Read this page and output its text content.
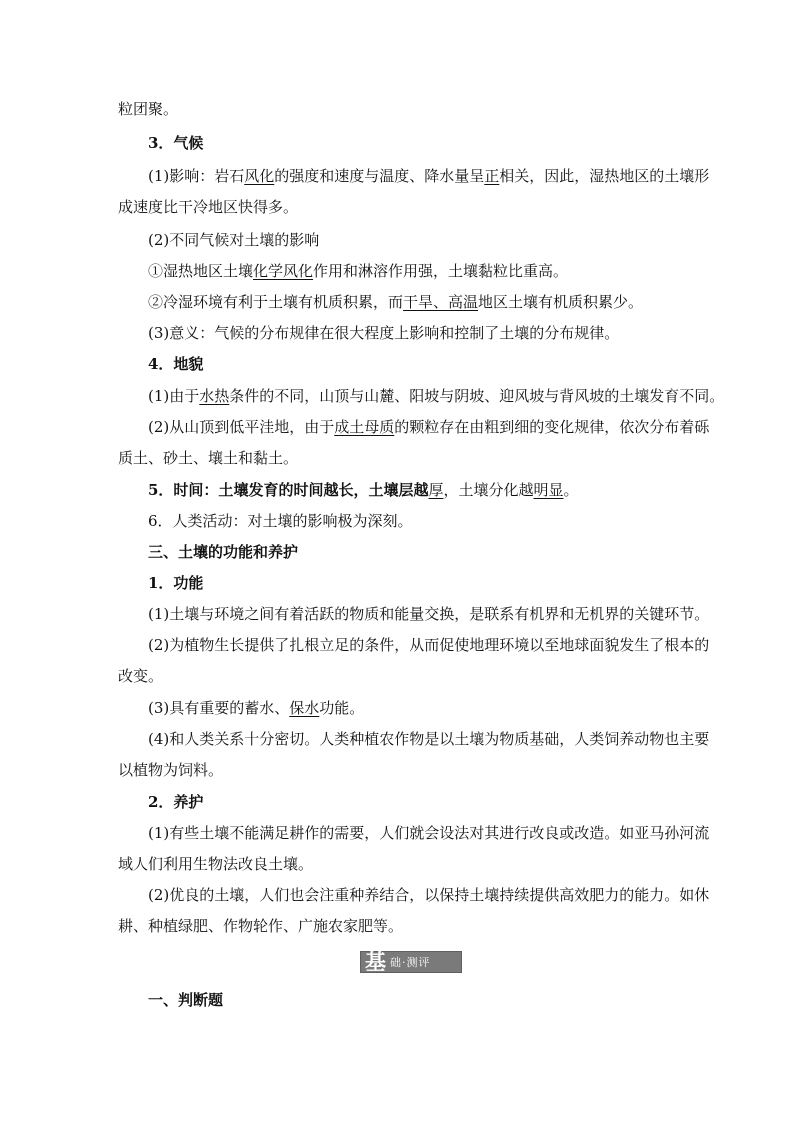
粒团聚。
3．气候
(1)影响：岩石风化的强度和速度与温度、降水量呈正相关，因此，湿热地区的土壤形
成速度比干冷地区快得多。
(2)不同气候对土壤的影响
①湿热地区土壤化学风化作用和淋溶作用强，土壤黏粒比重高。
②冷湿环境有利于土壤有机质积累，而干旱、高温地区土壤有机质积累少。
(3)意义：气候的分布规律在很大程度上影响和控制了土壤的分布规律。
4．地貌
(1)由于水热条件的不同，山顶与山麓、阳坡与阴坡、迎风坡与背风坡的土壤发育不同。
(2)从山顶到低平洼地，由于成土母质的颗粒存在由粗到细的变化规律，依次分布着砾
质土、砂土、壤土和黏土。
5．时间：土壤发育的时间越长，土壤层越厚，土壤分化越明显。
6．人类活动：对土壤的影响极为深刻。
三、土壤的功能和养护
1．功能
(1)土壤与环境之间有着活跃的物质和能量交换，是联系有机界和无机界的关键环节。
(2)为植物生长提供了扎根立足的条件，从而促使地理环境以至地球面貌发生了根本的
改变。
(3)具有重要的蓄水、保水功能。
(4)和人类关系十分密切。人类种植农作物是以土壤为物质基础，人类饲养动物也主要
以植物为饲料。
2．养护
(1)有些土壤不能满足耕作的需要，人们就会设法对其进行改良或改造。如亚马孙河流
域人们利用生物法改良土壤。
(2)优良的土壤，人们也会注重种养结合，以保持土壤持续提供高效肥力的能力。如休
耕、种植绿肥、作物轮作、广施农家肥等。
基 础·测评
一、判断题
